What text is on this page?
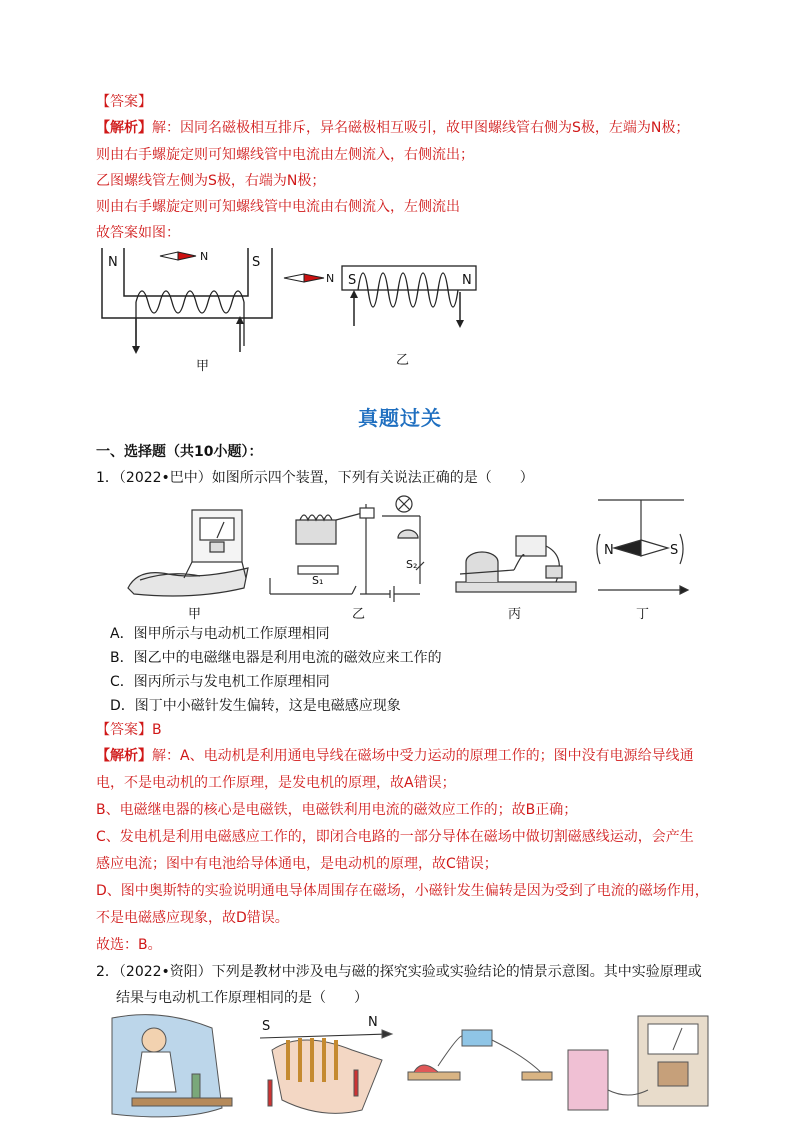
【答案】
【解析】解：因同名磁极相互排斥，异名磁极相互吸引，故甲图螺线管右侧为S极，左端为N极；
则由右手螺旋定则可知螺线管中电流由左侧流入，右侧流出；
乙图螺线管左侧为S极，右端为N极；
则由右手螺旋定则可知螺线管中电流由右侧流入，左侧流出
故答案如图：
N	S
N
甲
N S	N
乙
真题过关
一、选择题（共10小题）：
1．（2022•巴中）如图所示四个装置，下列有关说法正确的是（　　）
甲
S₁
S₂
乙	丙
N	S
丁
A．图甲所示与电动机工作原理相同
B．图乙中的电磁继电器是利用电流的磁效应来工作的
C．图丙所示与发电机工作原理相同
D．图丁中小磁针发生偏转，这是电磁感应现象
【答案】B
【解析】解：A、电动机是利用通电导线在磁场中受力运动的原理工作的；图中没有电源给导线通
电，不是电动机的工作原理，是发电机的原理，故A错误；
B、电磁继电器的核心是电磁铁，电磁铁利用电流的磁效应工作的；故B正确；
C、发电机是利用电磁感应工作的，即闭合电路的一部分导体在磁场中做切割磁感线运动，会产生
感应电流；图中有电池给导体通电，是电动机的原理，故C错误；
D、图中奥斯特的实验说明通电导体周围存在磁场，小磁针发生偏转是因为受到了电流的磁场作用，
不是电磁感应现象，故D错误。
故选：B。
2．（2022•资阳）下列是教材中涉及电与磁的探究实验或实验结论的情景示意图。其中实验原理或
结果与电动机工作原理相同的是（　　）
S	N
